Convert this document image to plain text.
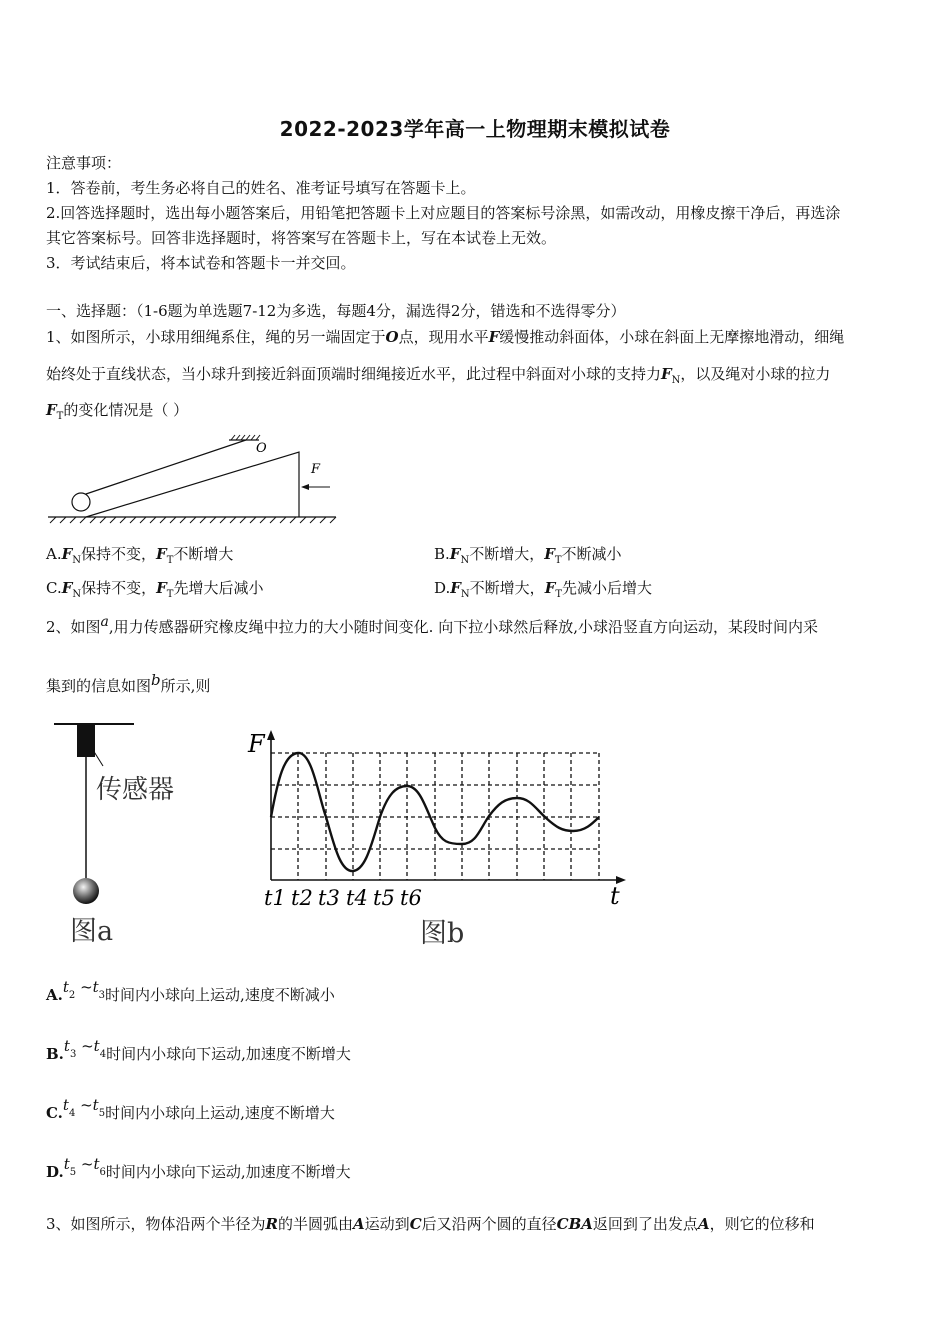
2022-2023学年高一上物理期末模拟试卷
注意事项：
1．答卷前，考生务必将自己的姓名、准考证号填写在答题卡上。
2.回答选择题时，选出每小题答案后，用铅笔把答题卡上对应题目的答案标号涂黑，如需改动，用橡皮擦干净后，再选涂
其它答案标号。回答非选择题时，将答案写在答题卡上，写在本试卷上无效。
3．考试结束后，将本试卷和答题卡一并交回。
一、选择题：（1-6题为单选题7-12为多选，每题4分，漏选得2分，错选和不选得零分）
1、如图所示，小球用细绳系住，绳的另一端固定于O点，现用水平F缓慢推动斜面体，小球在斜面上无摩擦地滑动，细绳
始终处于直线状态，当小球升到接近斜面顶端时细绳接近水平，此过程中斜面对小球的支持力$F_N$，以及绳对小球的拉力
$F_T$的变化情况是（ ）
O
F
$A.F_N$保持不变，$F_T$不断增大	$B.F_N$不断增大，$F_T$不断减小
$C.F_N$保持不变，$F_T$先增大后减小	$D.F_N$不断增大，$F_T$先减小后增大
2、如图$^a$,用力传感器研究橡皮绳中拉力的大小随时间变化. 向下拉小球然后释放,小球沿竖直方向运动，某段时间内采
集到的信息如图$^b$所示,则
传感器
图a
F
t
t1 t2 t3 t4 t5 t6
图b
$A.t_2$ $\sim t_3$时间内小球向上运动,速度不断减小
$B.t_3$ $\sim t_4$时间内小球向下运动,加速度不断增大
$C.t_4$ $\sim t_5$时间内小球向上运动,速度不断增大
$D.t_5$ $\sim t_6$时间内小球向下运动,加速度不断增大
3、如图所示，物体沿两个半径为R的半圆弧由A运动到C后又沿两个圆的直径CBA返回到了出发点A，则它的位移和
